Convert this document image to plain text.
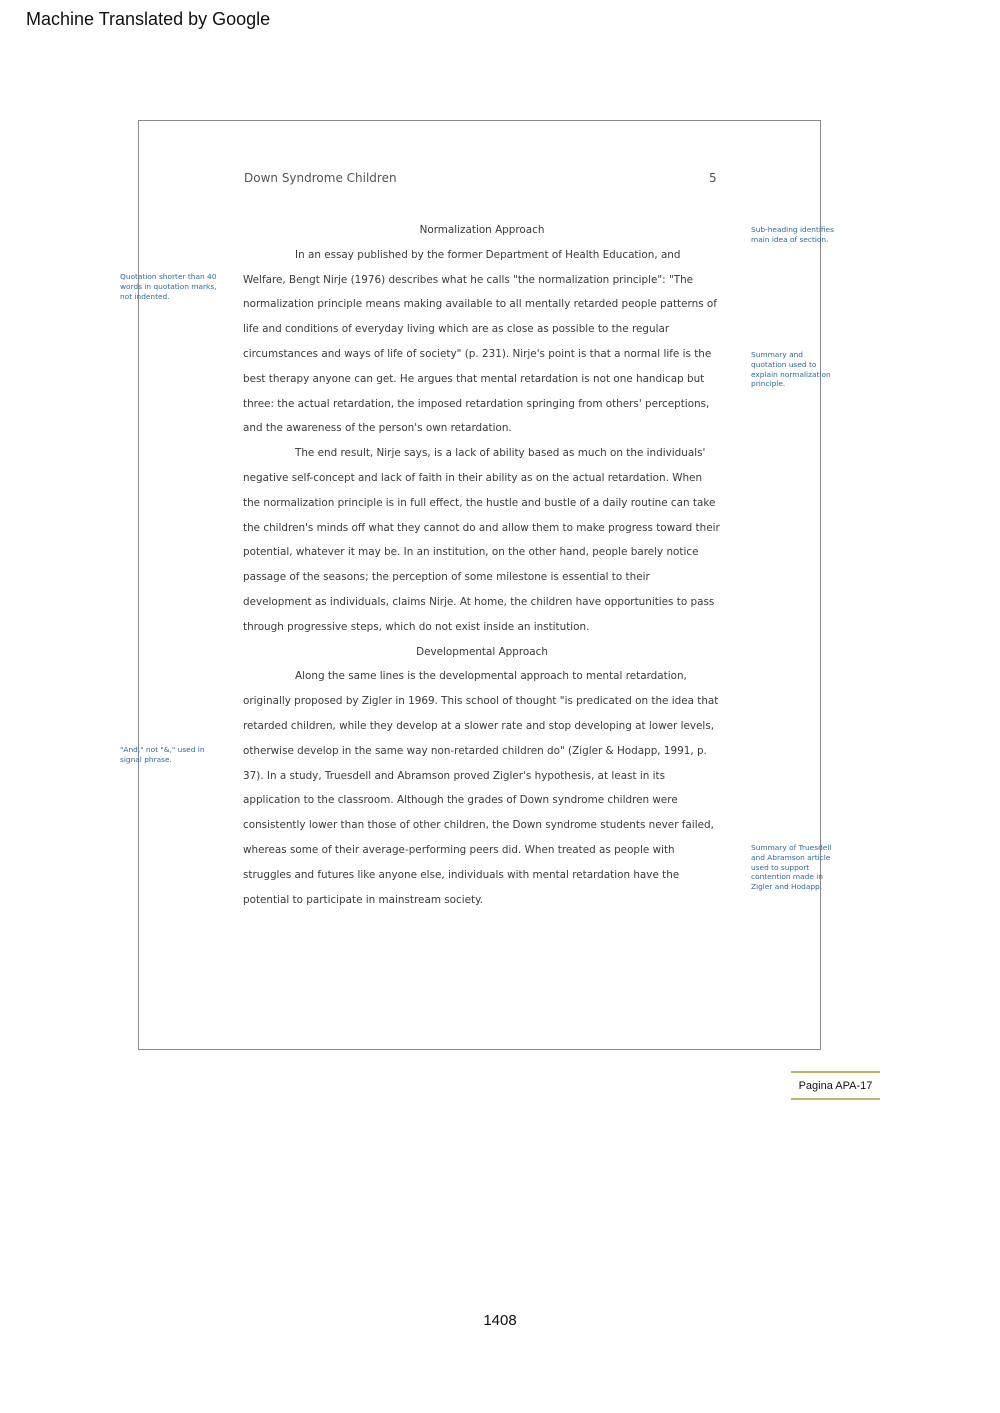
Machine Translated by Google
Down Syndrome Children	5

Normalization Approach

In an essay published by the former Department of Health Education, and Welfare, Bengt Nirje (1976) describes what he calls "the normalization principle": "The normalization principle means making available to all mentally retarded people patterns of life and conditions of everyday living which are as close as possible to the regular circumstances and ways of life of society" (p. 231). Nirje's point is that a normal life is the best therapy anyone can get. He argues that mental retardation is not one handicap but three: the actual retardation, the imposed retardation springing from others' perceptions, and the awareness of the person's own retardation.

The end result, Nirje says, is a lack of ability based as much on the individuals' negative self-concept and lack of faith in their ability as on the actual retardation. When the normalization principle is in full effect, the hustle and bustle of a daily routine can take the children's minds off what they cannot do and allow them to make progress toward their potential, whatever it may be. In an institution, on the other hand, people barely notice passage of the seasons; the perception of some milestone is essential to their development as individuals, claims Nirje. At home, the children have opportunities to pass through progressive steps, which do not exist inside an institution.

Developmental Approach

Along the same lines is the developmental approach to mental retardation, originally proposed by Zigler in 1969. This school of thought "is predicated on the idea that retarded children, while they develop at a slower rate and stop developing at lower levels, otherwise develop in the same way non-retarded children do" (Zigler & Hodapp, 1991, p. 37). In a study, Truesdell and Abramson proved Zigler's hypothesis, at least in its application to the classroom. Although the grades of Down syndrome children were consistently lower than those of other children, the Down syndrome students never failed, whereas some of their average-performing peers did. When treated as people with struggles and futures like anyone else, individuals with mental retardation have the potential to participate in mainstream society.

Quotation shorter than 40 words in quotation marks, not indented.
"And," not "&," used in signal phrase.
Sub-heading identifies main idea of section.
Summary and quotation used to explain normalization principle.
Summary of Truesdell and Abramson article used to support contention made in Zigler and Hodapp.
Pagina APA-17
1408
